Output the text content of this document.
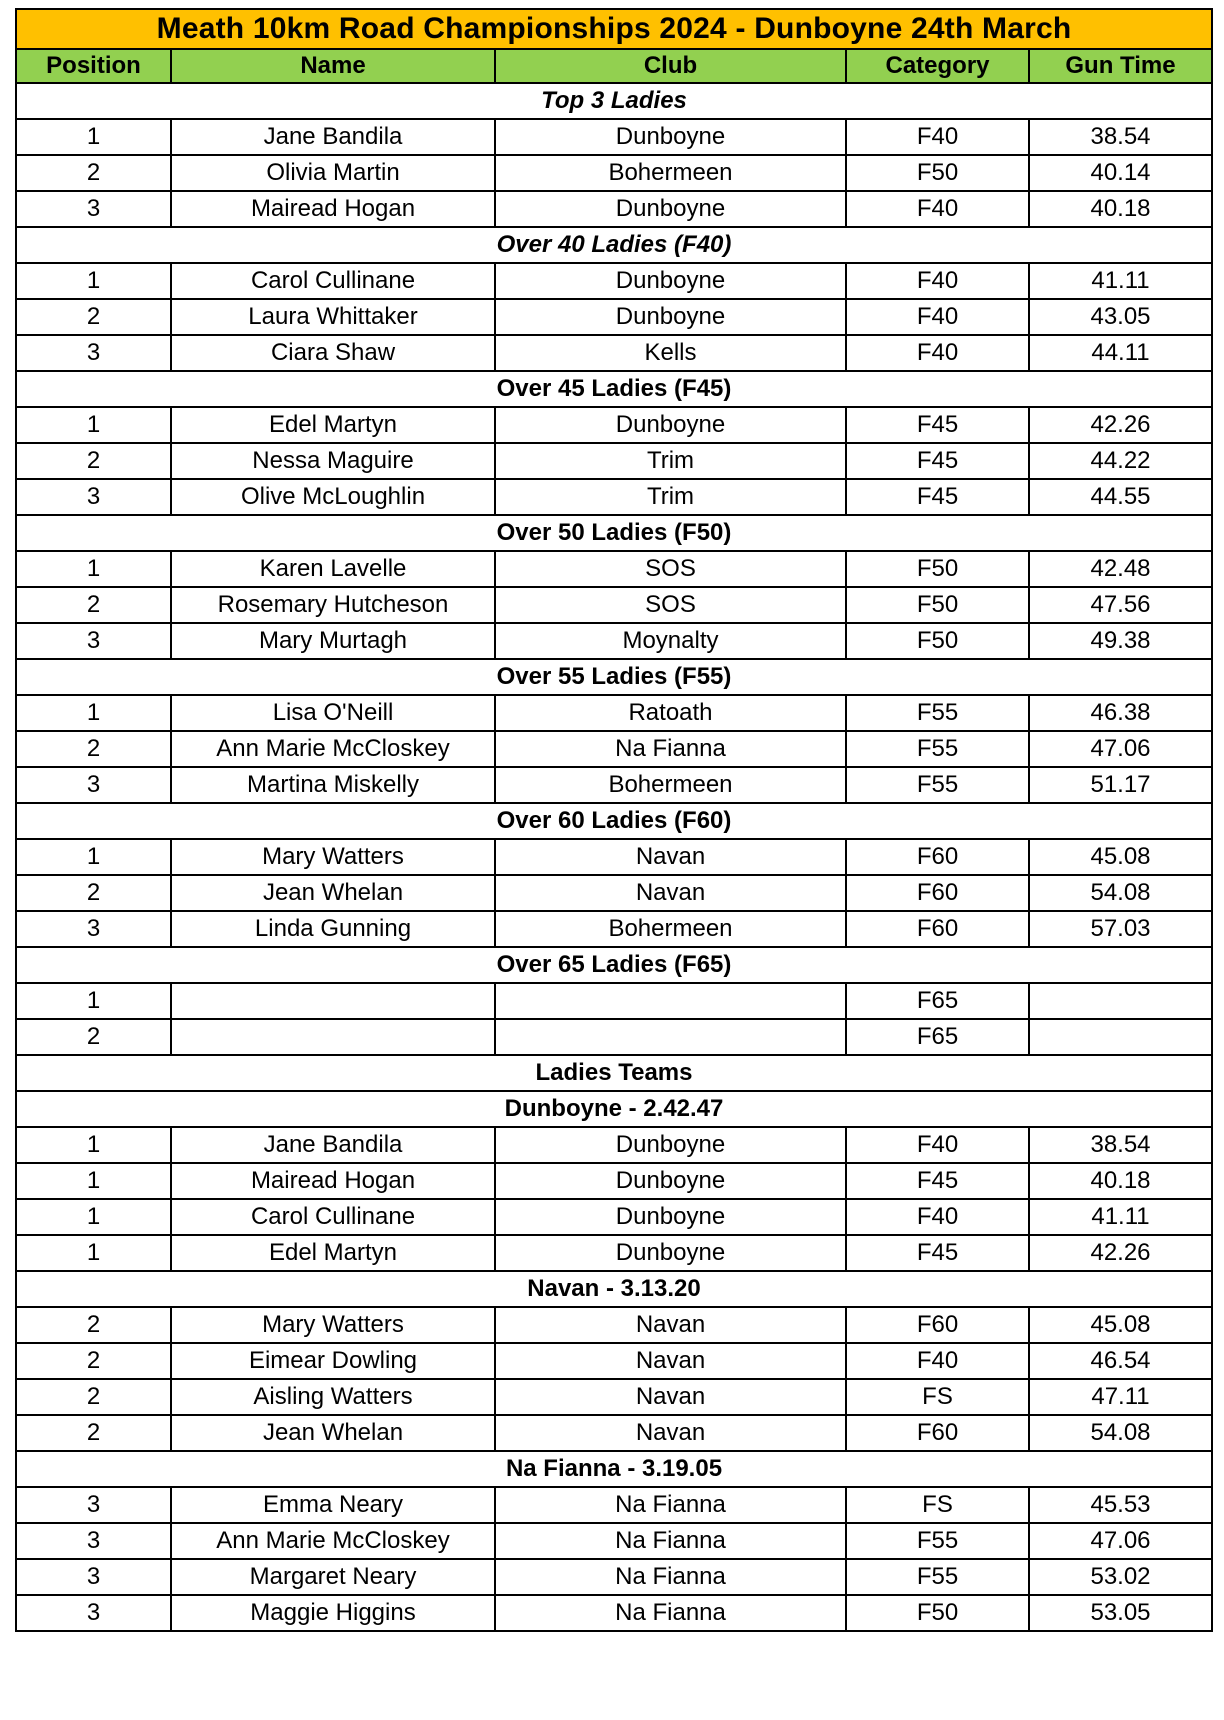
Meath 10km Road Championships 2024 - Dunboyne 24th March				
Position	Name	Club	Category	Gun Time
Top 3 Ladies				
1	Jane Bandila	Dunboyne	F40	38.54
2	Olivia Martin	Bohermeen	F50	40.14
3	Mairead Hogan	Dunboyne	F40	40.18
Over 40 Ladies (F40)				
1	Carol Cullinane	Dunboyne	F40	41.11
2	Laura Whittaker	Dunboyne	F40	43.05
3	Ciara Shaw	Kells	F40	44.11
Over 45 Ladies (F45)				
1	Edel Martyn	Dunboyne	F45	42.26
2	Nessa Maguire	Trim	F45	44.22
3	Olive McLoughlin	Trim	F45	44.55
Over 50 Ladies (F50)				
1	Karen Lavelle	SOS	F50	42.48
2	Rosemary Hutcheson	SOS	F50	47.56
3	Mary Murtagh	Moynalty	F50	49.38
Over 55 Ladies (F55)				
1	Lisa O'Neill	Ratoath	F55	46.38
2	Ann Marie McCloskey	Na Fianna	F55	47.06
3	Martina Miskelly	Bohermeen	F55	51.17
Over 60 Ladies (F60)				
1	Mary Watters	Navan	F60	45.08
2	Jean Whelan	Navan	F60	54.08
3	Linda Gunning	Bohermeen	F60	57.03
Over 65 Ladies (F65)				
1			F65	
2			F65	
Ladies Teams				
Dunboyne - 2.42.47				
1	Jane Bandila	Dunboyne	F40	38.54
1	Mairead Hogan	Dunboyne	F45	40.18
1	Carol Cullinane	Dunboyne	F40	41.11
1	Edel Martyn	Dunboyne	F45	42.26
Navan - 3.13.20				
2	Mary Watters	Navan	F60	45.08
2	Eimear Dowling	Navan	F40	46.54
2	Aisling Watters	Navan	FS	47.11
2	Jean Whelan	Navan	F60	54.08
Na Fianna - 3.19.05				
3	Emma Neary	Na Fianna	FS	45.53
3	Ann Marie McCloskey	Na Fianna	F55	47.06
3	Margaret Neary	Na Fianna	F55	53.02
3	Maggie Higgins	Na Fianna	F50	53.05
